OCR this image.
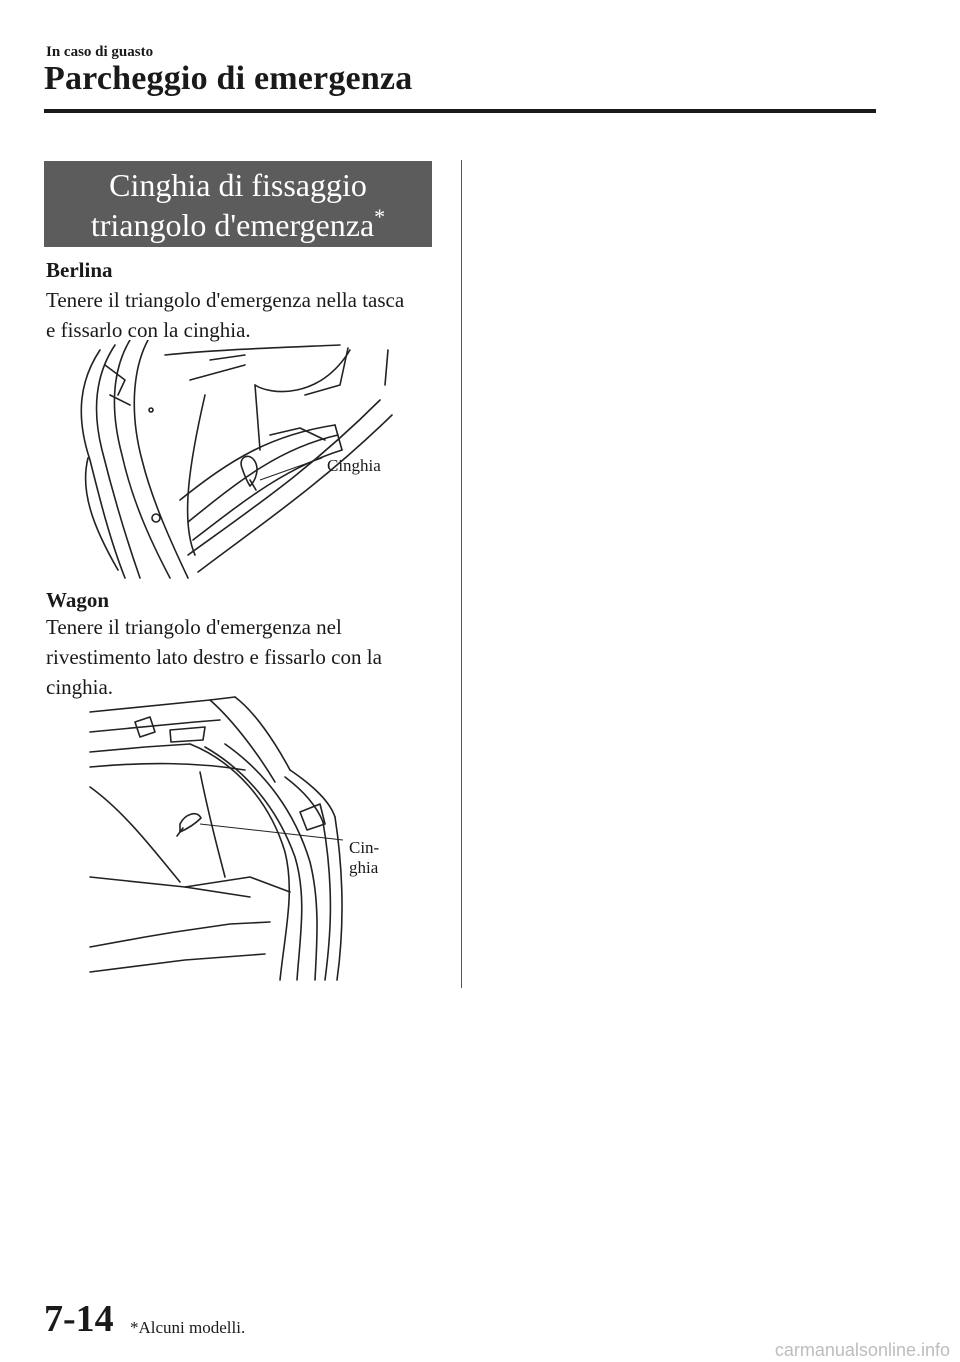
In caso di guasto
Parcheggio di emergenza
Cinghia di fissaggio
triangolo d'emergenza*
Berlina
Tenere il triangolo d'emergenza nella tasca
e fissarlo con la cinghia.
Cinghia
Wagon
Tenere il triangolo d'emergenza nel
rivestimento lato destro e fissarlo con la
cinghia.
Cin-
ghia
7-14 *Alcuni modelli.
carmanualsonline.info
